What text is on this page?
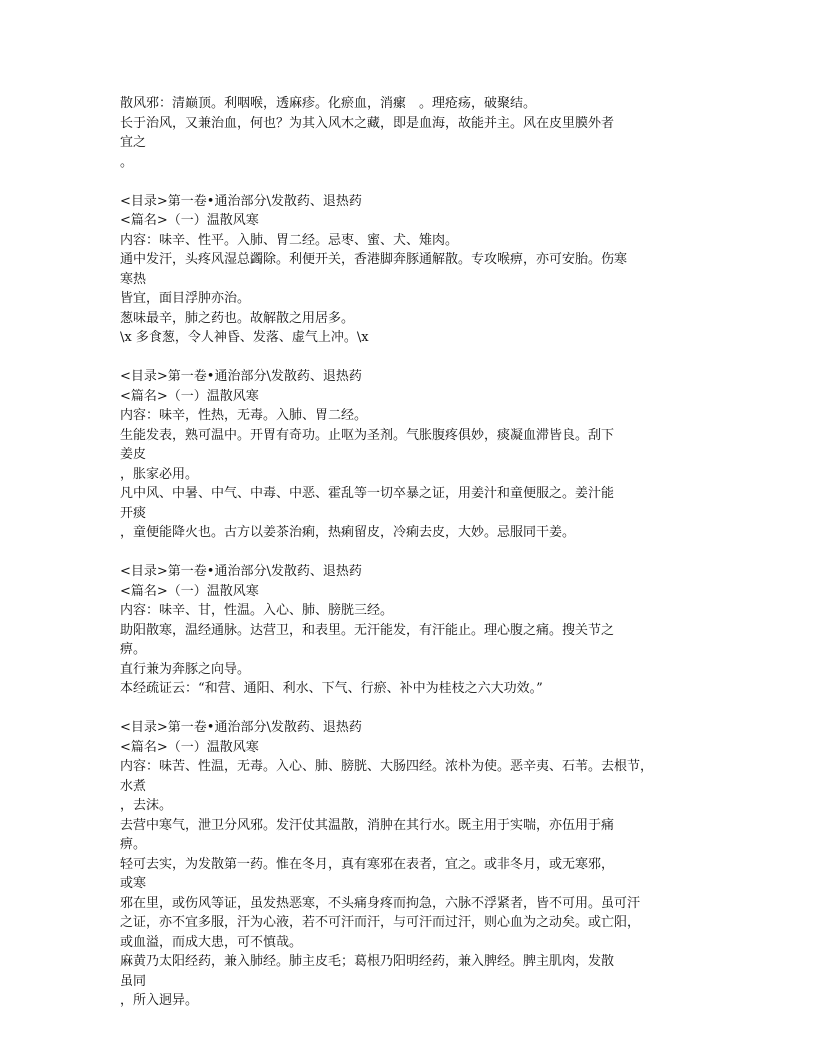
散风邪：清巅顶。利咽喉，透麻疹。化瘀血，消瘰　。理疮疡，破聚结。
长于治风，又兼治血，何也？为其入风木之藏，即是血海，故能并主。风在皮里膜外者
宜之
。
<目录>第一卷•通治部分\发散药、退热药
<篇名>（一）温散风寒
内容：味辛、性平。入肺、胃二经。忌枣、蜜、犬、雉肉。
通中发汗，头疼风湿总蠲除。利便开关，香港脚奔豚通解散。专攻喉痹，亦可安胎。伤寒
寒热
皆宜，面目浮肿亦治。
葱味最辛，肺之药也。故解散之用居多。
\x 多食葱，令人神昏、发落、虚气上冲。\x
<目录>第一卷•通治部分\发散药、退热药
<篇名>（一）温散风寒
内容：味辛，性热，无毒。入肺、胃二经。
生能发表，熟可温中。开胃有奇功。止呕为圣剂。气胀腹疼俱妙，痰凝血滞皆良。刮下
姜皮
，胀家必用。
凡中风、中暑、中气、中毒、中恶、霍乱等一切卒暴之证，用姜汁和童便服之。姜汁能
开痰
，童便能降火也。古方以姜茶治痢，热痢留皮，冷痢去皮，大妙。忌服同干姜。
<目录>第一卷•通治部分\发散药、退热药
<篇名>（一）温散风寒
内容：味辛、甘，性温。入心、肺、膀胱三经。
助阳散寒，温经通脉。达营卫，和表里。无汗能发，有汗能止。理心腹之痛。搜关节之
痹。
直行兼为奔豚之向导。
本经疏证云：“和营、通阳、利水、下气、行瘀、补中为桂枝之六大功效。”
<目录>第一卷•通治部分\发散药、退热药
<篇名>（一）温散风寒
内容：味苦、性温，无毒。入心、肺、膀胱、大肠四经。浓朴为使。恶辛夷、石苇。去根节，
水煮
，去沫。
去营中寒气，泄卫分风邪。发汗仗其温散，消肿在其行水。既主用于实喘，亦伍用于痛
痹。
轻可去实，为发散第一药。惟在冬月，真有寒邪在表者，宜之。或非冬月，或无寒邪，
或寒
邪在里，或伤风等证，虽发热恶寒，不头痛身疼而拘急，六脉不浮紧者，皆不可用。虽可汗
之证，亦不宜多服，汗为心液，若不可汗而汗，与可汗而过汗，则心血为之动矣。或亡阳，
或血溢，而成大患，可不慎哉。
麻黄乃太阳经药，兼入肺经。肺主皮毛；葛根乃阳明经药，兼入脾经。脾主肌肉，发散
虽同
，所入迥异。
